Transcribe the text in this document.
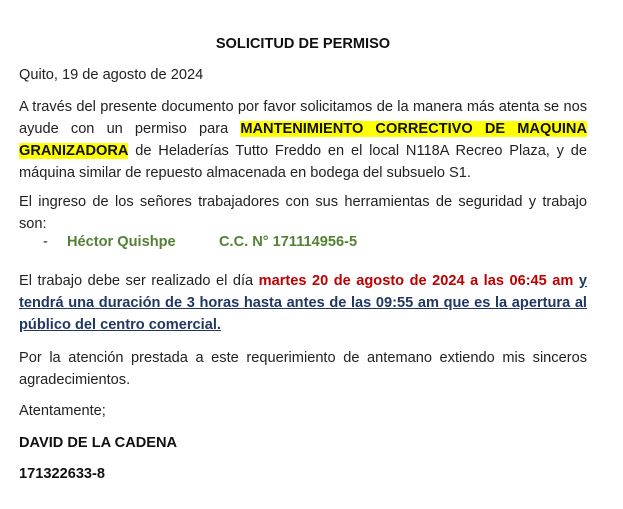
SOLICITUD DE PERMISO
Quito, 19 de agosto de 2024
A través del presente documento por favor solicitamos de la manera más atenta se nos ayude con un permiso para MANTENIMIENTO CORRECTIVO DE MAQUINA GRANIZADORA de Heladerías Tutto Freddo en el local N118A Recreo Plaza, y de máquina similar de repuesto almacenada en bodega del subsuelo S1.
El ingreso de los señores trabajadores con sus herramientas de seguridad y trabajo son:
- Héctor Quishpe	C.C. N° 171114956-5
El trabajo debe ser realizado el día martes 20 de agosto de 2024 a las 06:45 am y tendrá una duración de 3 horas hasta antes de las 09:55 am que es la apertura al público del centro comercial.
Por la atención prestada a este requerimiento de antemano extiendo mis sinceros agradecimientos.
Atentamente;
DAVID DE LA CADENA
171322633-8
